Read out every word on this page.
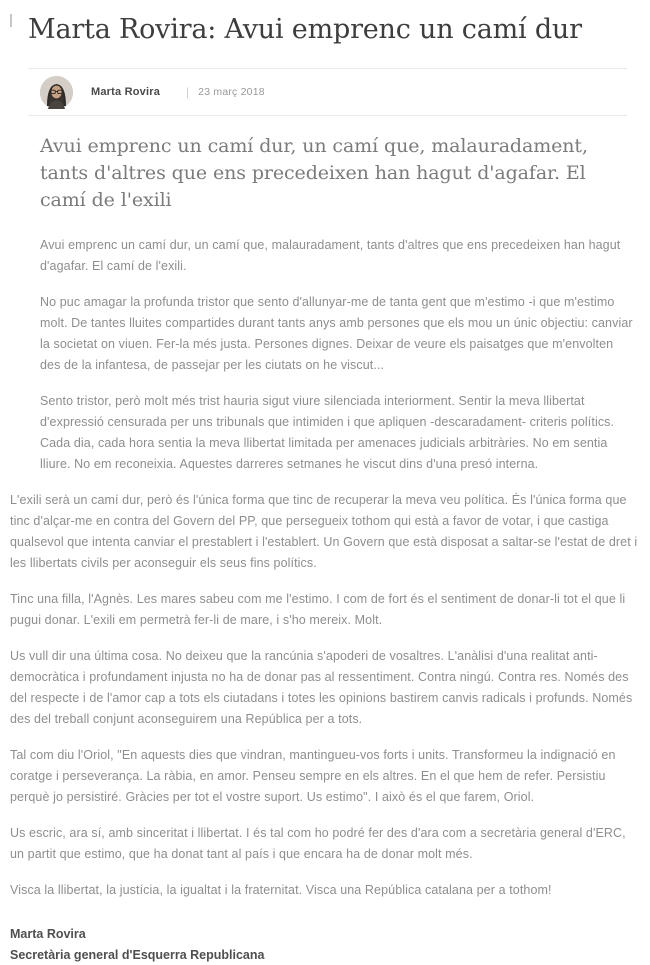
Marta Rovira: Avui emprenc un camí dur
Marta Rovira | 23 març 2018
Avui emprenc un camí dur, un camí que, malauradament, tants d'altres que ens precedeixen han hagut d'agafar. El camí de l'exili

Avui emprenc un camí dur, un camí que, malauradament, tants d'altres que ens precedeixen han hagut d'agafar. El camí de l'exili.

No puc amagar la profunda tristor que sento d'allunyar-me de tanta gent que m'estimo -i que m'estimo molt. De tantes lluites compartides durant tants anys amb persones que els mou un únic objectiu: canviar la societat on viuen. Fer-la més justa. Persones dignes. Deixar de veure els paisatges que m'envolten des de la infantesa, de passejar per les ciutats on he viscut...

Sento tristor, però molt més trist hauria sigut viure silenciada interiorment. Sentir la meva llibertat d'expressió censurada per uns tribunals que intimiden i que apliquen -descaradament- criteris polítics. Cada dia, cada hora sentia la meva llibertat limitada per amenaces judicials arbitràries. No em sentia lliure. No em reconeixia. Aquestes darreres setmanes he viscut dins d'una presó interna.

L'exili serà un camí dur, però és l'única forma que tinc de recuperar la meva veu política. És l'única forma que tinc d'alçar-me en contra del Govern del PP, que persegueix tothom qui està a favor de votar, i que castiga qualsevol que intenta canviar el prestablert i l'establert. Un Govern que està disposat a saltar-se l'estat de dret i les llibertats civils per aconseguir els seus fins polítics.

Tinc una filla, l'Agnès. Les mares sabeu com me l'estimo. I com de fort és el sentiment de donar-li tot el que li pugui donar. L'exili em permetrà fer-li de mare, i s'ho mereix. Molt.

Us vull dir una última cosa. No deixeu que la rancúnia s'apoderi de vosaltres. L'anàlisi d'una realitat anti-democràtica i profundament injusta no ha de donar pas al ressentiment. Contra ningú. Contra res. Només des del respecte i de l'amor cap a tots els ciutadans i totes les opinions bastirem canvis radicals i profunds. Només des del treball conjunt aconseguirem una República per a tots.

Tal com diu l'Oriol, "En aquests dies que vindran, mantingueu-vos forts i units. Transformeu la indignació en coratge i perseverança. La ràbia, en amor. Penseu sempre en els altres. En el que hem de refer. Persistiu perquè jo persistiré. Gràcies per tot el vostre suport. Us estimo". I això és el que farem, Oriol.

Us escric, ara sí, amb sinceritat i llibertat. I és tal com ho podré fer des d'ara com a secretària general d'ERC, un partit que estimo, que ha donat tant al país i que encara ha de donar molt més.

Visca la llibertat, la justícia, la igualtat i la fraternitat. Visca una República catalana per a tothom!

Marta Rovira
Secretària general d'Esquerra Republicana
